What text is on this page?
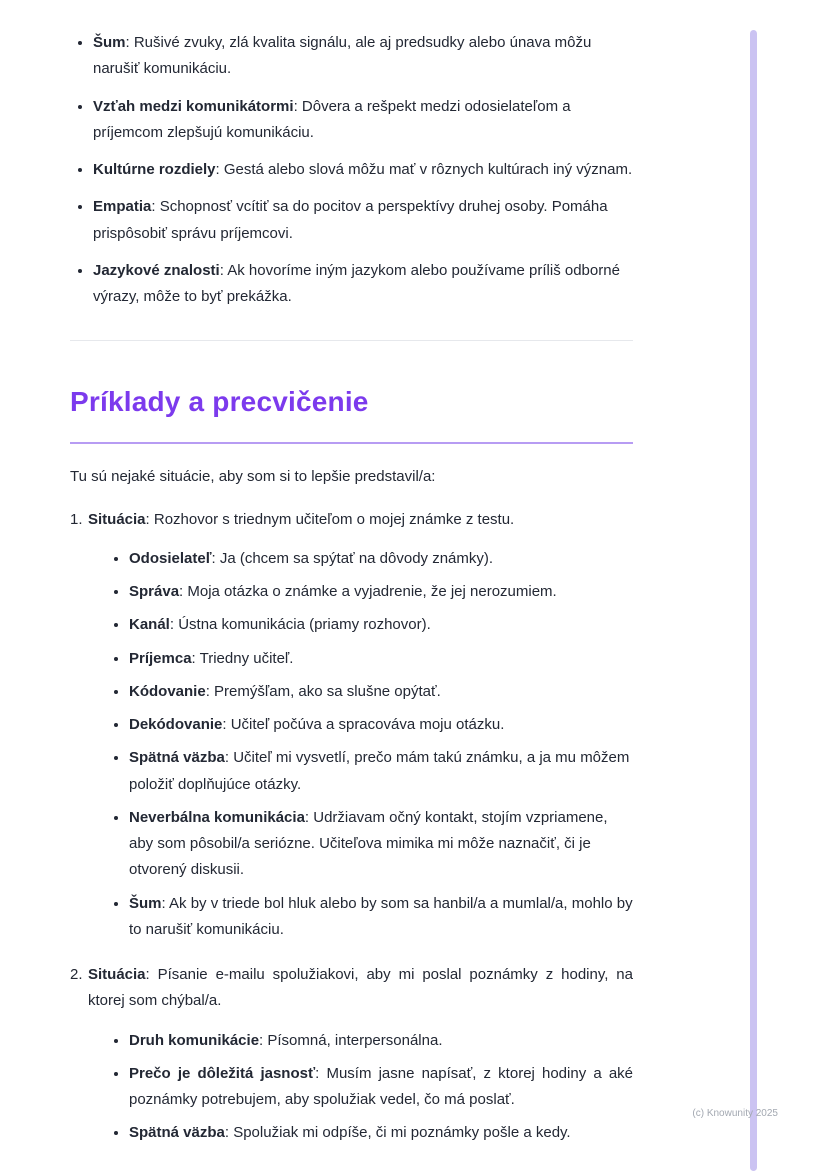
• Šum: Rušivé zvuky, zlá kvalita signálu, ale aj predsudky alebo únava môžu narušiť komunikáciu.
• Vzťah medzi komunikátormi: Dôvera a rešpekt medzi odosielateľom a príjemcom zlepšujú komunikáciu.
• Kultúrne rozdiely: Gestá alebo slová môžu mať v rôznych kultúrach iný význam.
• Empatia: Schopnosť vcítiť sa do pocitov a perspektívy druhej osoby. Pomáha prispôsobiť správu príjemcovi.
• Jazykové znalosti: Ak hovoríme iným jazykom alebo používame príliš odborné výrazy, môže to byť prekážka.
Príklady a precvičenie

Tu sú nejaké situácie, aby som si to lepšie predstavil/a:

1. Situácia: Rozhovor s triednym učiteľom o mojej známke z testu.

• Odosielateľ: Ja (chcem sa spýtať na dôvody známky).
• Správa: Moja otázka o známke a vyjadrenie, že jej nerozumiem.
• Kanál: Ústna komunikácia (priamy rozhovor).
• Príjemca: Triedny učiteľ.
• Kódovanie: Premýšľam, ako sa slušne opýtať.
• Dekódovanie: Učiteľ počúva a spracováva moju otázku.
• Spätná väzba: Učiteľ mi vysvetlí, prečo mám takú známku, a ja mu môžem položiť doplňujúce otázky.
• Neverbálna komunikácia: Udržiavam očný kontakt, stojím vzpriamene, aby som pôsobil/a seriózne. Učiteľova mimika mi môže naznačiť, či je otvorený diskusii.
• Šum: Ak by v triede bol hluk alebo by som sa hanbil/a a mumlal/a, mohlo by to narušiť komunikáciu.
2. Situácia: Písanie e-mailu spolužiakovi, aby mi poslal poznámky z hodiny, na ktorej som chýbal/a.

• Druh komunikácie: Písomná, interpersonálna.
• Prečo je dôležitá jasnosť: Musím jasne napísať, z ktorej hodiny a aké poznámky potrebujem, aby spolužiak vedel, čo má poslať.
• Spätná väzba: Spolužiak mi odpíše, či mi poznámky pošle a kedy.
(c) Knowunity 2025
